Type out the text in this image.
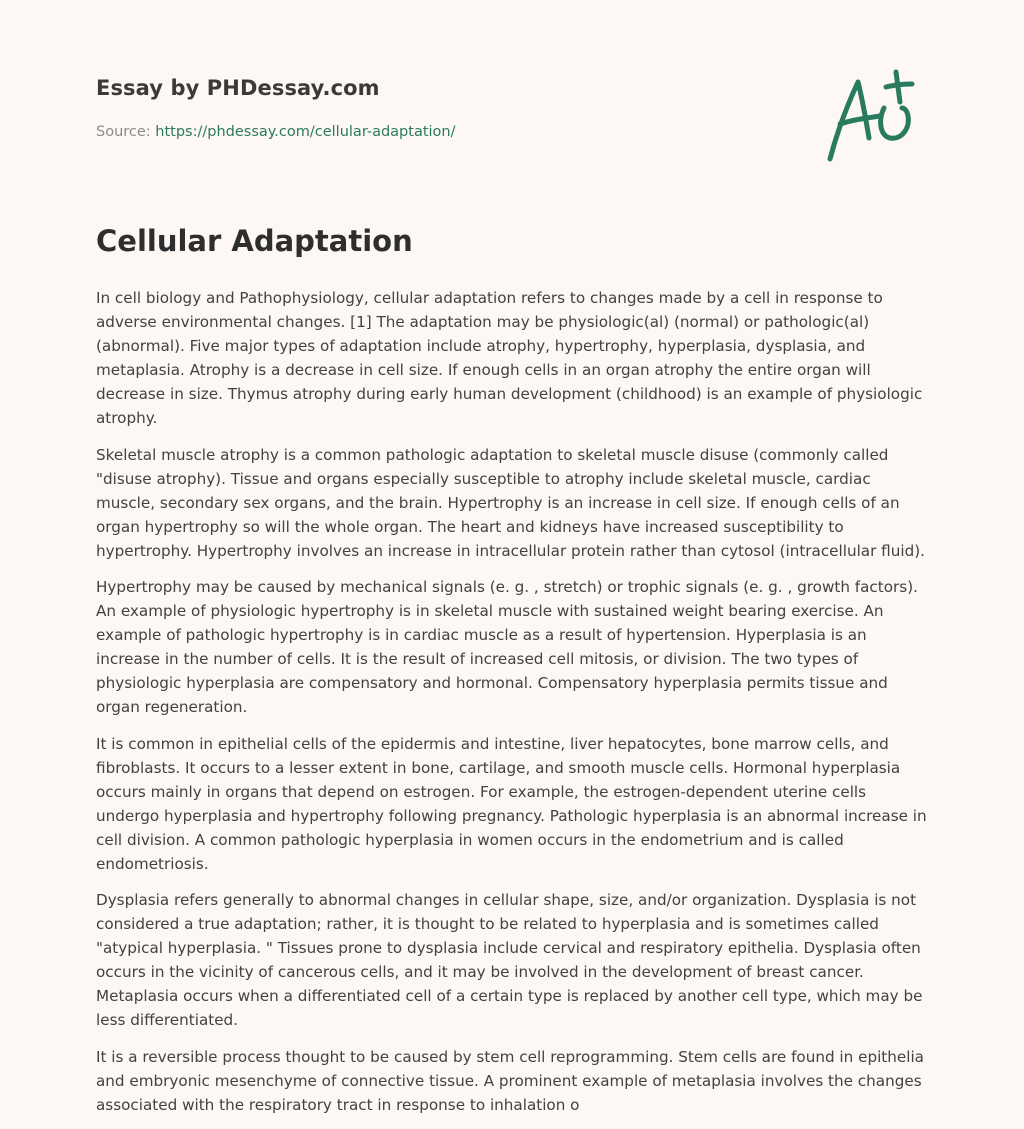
Essay by PHDessay.com
Source: https://phdessay.com/cellular-adaptation/
Cellular Adaptation

In cell biology and Pathophysiology, cellular adaptation refers to changes made by a cell in response to adverse environmental changes. [1] The adaptation may be physiologic(al) (normal) or pathologic(al) (abnormal). Five major types of adaptation include atrophy, hypertrophy, hyperplasia, dysplasia, and metaplasia. Atrophy is a decrease in cell size. If enough cells in an organ atrophy the entire organ will decrease in size. Thymus atrophy during early human development (childhood) is an example of physiologic atrophy.

Skeletal muscle atrophy is a common pathologic adaptation to skeletal muscle disuse (commonly called "disuse atrophy). Tissue and organs especially susceptible to atrophy include skeletal muscle, cardiac muscle, secondary sex organs, and the brain. Hypertrophy is an increase in cell size. If enough cells of an organ hypertrophy so will the whole organ. The heart and kidneys have increased susceptibility to hypertrophy. Hypertrophy involves an increase in intracellular protein rather than cytosol (intracellular fluid).

Hypertrophy may be caused by mechanical signals (e. g. , stretch) or trophic signals (e. g. , growth factors). An example of physiologic hypertrophy is in skeletal muscle with sustained weight bearing exercise. An example of pathologic hypertrophy is in cardiac muscle as a result of hypertension. Hyperplasia is an increase in the number of cells. It is the result of increased cell mitosis, or division. The two types of physiologic hyperplasia are compensatory and hormonal. Compensatory hyperplasia permits tissue and organ regeneration.

It is common in epithelial cells of the epidermis and intestine, liver hepatocytes, bone marrow cells, and fibroblasts. It occurs to a lesser extent in bone, cartilage, and smooth muscle cells. Hormonal hyperplasia occurs mainly in organs that depend on estrogen. For example, the estrogen-dependent uterine cells undergo hyperplasia and hypertrophy following pregnancy. Pathologic hyperplasia is an abnormal increase in cell division. A common pathologic hyperplasia in women occurs in the endometrium and is called endometriosis.

Dysplasia refers generally to abnormal changes in cellular shape, size, and/or organization. Dysplasia is not considered a true adaptation; rather, it is thought to be related to hyperplasia and is sometimes called "atypical hyperplasia. " Tissues prone to dysplasia include cervical and respiratory epithelia. Dysplasia often occurs in the vicinity of cancerous cells, and it may be involved in the development of breast cancer. Metaplasia occurs when a differentiated cell of a certain type is replaced by another cell type, which may be less differentiated.

It is a reversible process thought to be caused by stem cell reprogramming. Stem cells are found in epithelia and embryonic mesenchyme of connective tissue. A prominent example of metaplasia involves the changes associated with the respiratory tract in response to inhalation o
